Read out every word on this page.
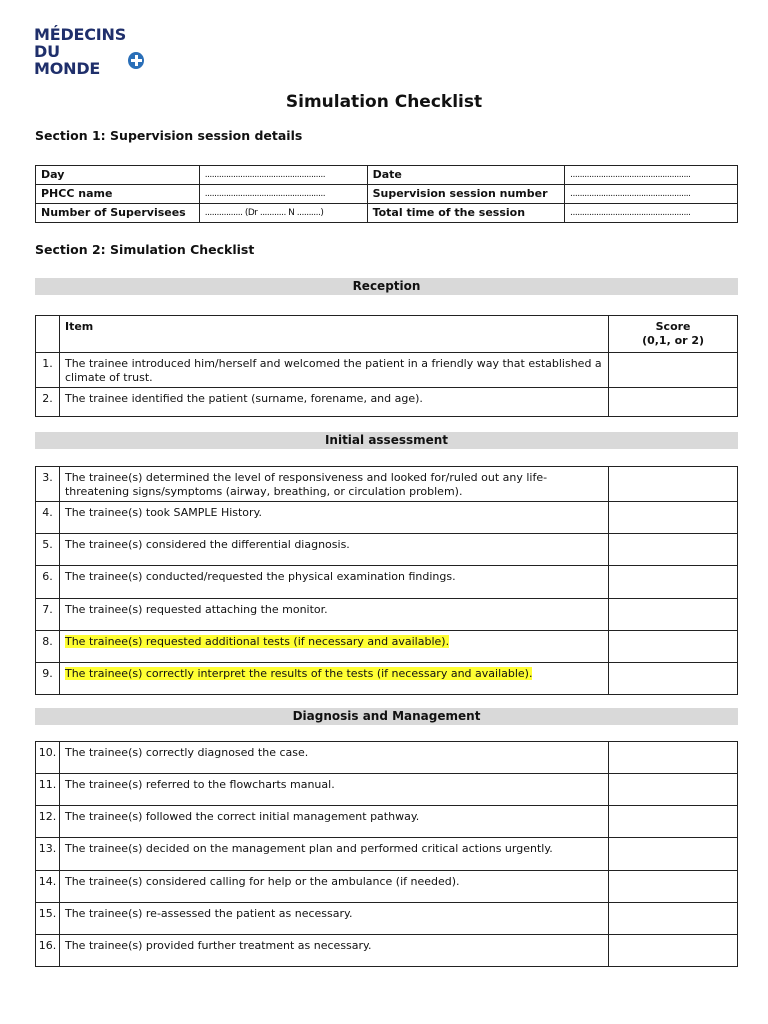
MÉDECINS
DU MONDE
Simulation Checklist
Section 1: Supervision session details
Day	...................................................	Date	...................................................
PHCC name	...................................................	Supervision session number	...................................................
Number of Supervisees	................ (Dr ........... N ..........)	Total time of the session	...................................................
Section 2: Simulation Checklist
Reception
	Item	Score
(0,1, or 2)

1.	The trainee introduced him/herself and welcomed the patient in a friendly way that established a climate of trust.	
2.	The trainee identified the patient (surname, forename, and age).	
Initial assessment
3.	The trainee(s) determined the level of responsiveness and looked for/ruled out any life-threatening signs/symptoms (airway, breathing, or circulation problem).	
4.	The trainee(s) took SAMPLE History.	
5.	The trainee(s) considered the differential diagnosis.	
6.	The trainee(s) conducted/requested the physical examination findings.	
7.	The trainee(s) requested attaching the monitor.	
8.	The trainee(s) requested additional tests (if necessary and available).	
9.	The trainee(s) correctly interpret the results of the tests (if necessary and available).	
Diagnosis and Management
10.	The trainee(s) correctly diagnosed the case.	
11.	The trainee(s) referred to the flowcharts manual.	
12.	The trainee(s) followed the correct initial management pathway.	
13.	The trainee(s) decided on the management plan and performed critical actions urgently.	
14.	The trainee(s) considered calling for help or the ambulance (if needed).	
15.	The trainee(s) re-assessed the patient as necessary.	
16.	The trainee(s) provided further treatment as necessary.	
